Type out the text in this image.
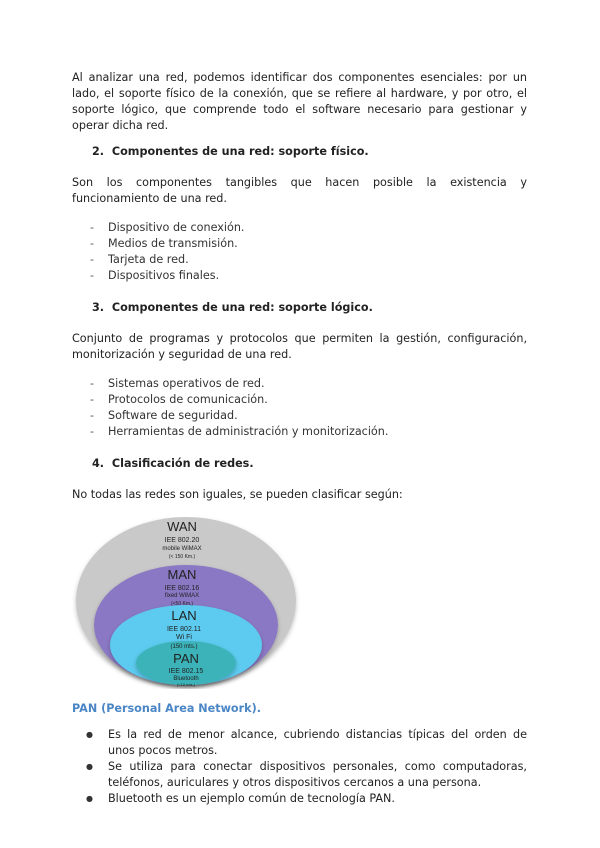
Al analizar una red, podemos identificar dos componentes esenciales: por un lado, el soporte físico de la conexión, que se refiere al hardware, y por otro, el soporte lógico, que comprende todo el software necesario para gestionar y operar dicha red.

2. Componentes de una red: soporte físico.

Son los componentes tangibles que hacen posible la existencia y funcionamiento de una red.

- Dispositivo de conexión.
- Medios de transmisión.
- Tarjeta de red.
- Dispositivos finales.
3. Componentes de una red: soporte lógico.

Conjunto de programas y protocolos que permiten la gestión, configuración, monitorización y seguridad de una red.

- Sistemas operativos de red.
- Protocolos de comunicación.
- Software de seguridad.
- Herramientas de administración y monitorización.
4. Clasificación de redes.

No todas las redes son iguales, se pueden clasificar según:

WAN
IEE 802.20
mobile WiMAX
(< 150 Km.)
MAN
IEE 802.16
fixed WiMAX
(<50 Km.)
LAN
IEE 802.11
Wi Fi
(150 mts.)
PAN
IEE 802.15
Bluetooth
(<10 mts.)

PAN (Personal Area Network).

● Es la red de menor alcance, cubriendo distancias típicas del orden de unos pocos metros.
● Se utiliza para conectar dispositivos personales, como computadoras, teléfonos, auriculares y otros dispositivos cercanos a una persona.
● Bluetooth es un ejemplo común de tecnología PAN.
